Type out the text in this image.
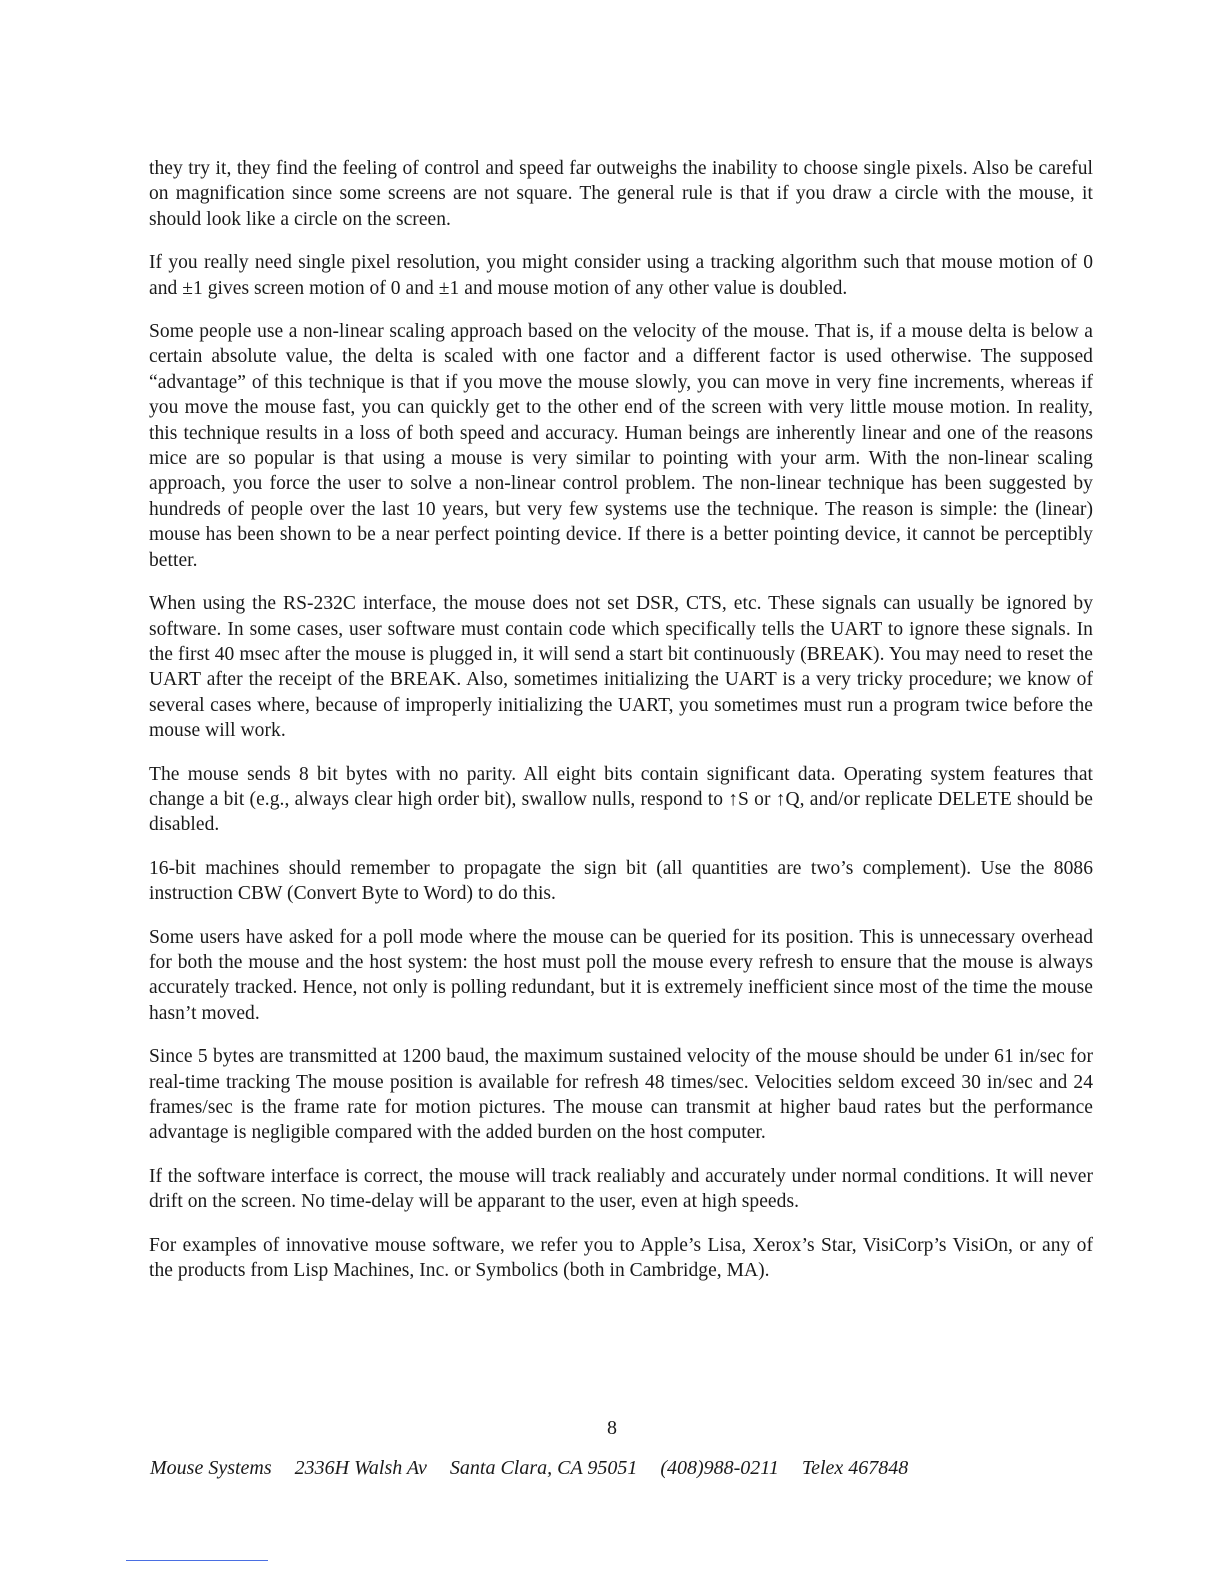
they try it, they find the feeling of control and speed far outweighs the inability to choose single pixels. Also be careful on magnification since some screens are not square. The general rule is that if you draw a circle with the mouse, it should look like a circle on the screen.

If you really need single pixel resolution, you might consider using a tracking algorithm such that mouse motion of 0 and ±1 gives screen motion of 0 and ±1 and mouse motion of any other value is doubled.

Some people use a non-linear scaling approach based on the velocity of the mouse. That is, if a mouse delta is below a certain absolute value, the delta is scaled with one factor and a different factor is used otherwise. The supposed “advantage” of this technique is that if you move the mouse slowly, you can move in very fine increments, whereas if you move the mouse fast, you can quickly get to the other end of the screen with very little mouse motion. In reality, this technique results in a loss of both speed and accuracy. Human beings are inherently linear and one of the reasons mice are so popular is that using a mouse is very similar to pointing with your arm. With the non-linear scaling approach, you force the user to solve a non-linear control problem. The non-linear technique has been suggested by hundreds of people over the last 10 years, but very few systems use the technique. The reason is simple: the (linear) mouse has been shown to be a near perfect pointing device. If there is a better pointing device, it cannot be perceptibly better.

When using the RS-232C interface, the mouse does not set DSR, CTS, etc. These signals can usually be ignored by software. In some cases, user software must contain code which specifically tells the UART to ignore these signals. In the first 40 msec after the mouse is plugged in, it will send a start bit continuously (BREAK). You may need to reset the UART after the receipt of the BREAK. Also, sometimes initializing the UART is a very tricky procedure; we know of several cases where, because of improperly initializing the UART, you sometimes must run a program twice before the mouse will work.

The mouse sends 8 bit bytes with no parity. All eight bits contain significant data. Operating system features that change a bit (e.g., always clear high order bit), swallow nulls, respond to ↑S or ↑Q, and/or replicate DELETE should be disabled.

16-bit machines should remember to propagate the sign bit (all quantities are two’s complement). Use the 8086 instruction CBW (Convert Byte to Word) to do this.

Some users have asked for a poll mode where the mouse can be queried for its position. This is unnecessary overhead for both the mouse and the host system: the host must poll the mouse every refresh to ensure that the mouse is always accurately tracked. Hence, not only is polling redundant, but it is extremely inefficient since most of the time the mouse hasn’t moved.

Since 5 bytes are transmitted at 1200 baud, the maximum sustained velocity of the mouse should be under 61 in/sec for real-time tracking The mouse position is available for refresh 48 times/sec. Velocities seldom exceed 30 in/sec and 24 frames/sec is the frame rate for motion pictures. The mouse can transmit at higher baud rates but the performance advantage is negligible compared with the added burden on the host computer.

If the software interface is correct, the mouse will track realiably and accurately under normal conditions. It will never drift on the screen. No time-delay will be apparant to the user, even at high speeds.

For examples of innovative mouse software, we refer you to Apple’s Lisa, Xerox’s Star, VisiCorp’s VisiOn, or any of the products from Lisp Machines, Inc. or Symbolics (both in Cambridge, MA).

8
Mouse Systems 2336H Walsh Av Santa Clara, CA 95051 (408)988-0211 Telex 467848
